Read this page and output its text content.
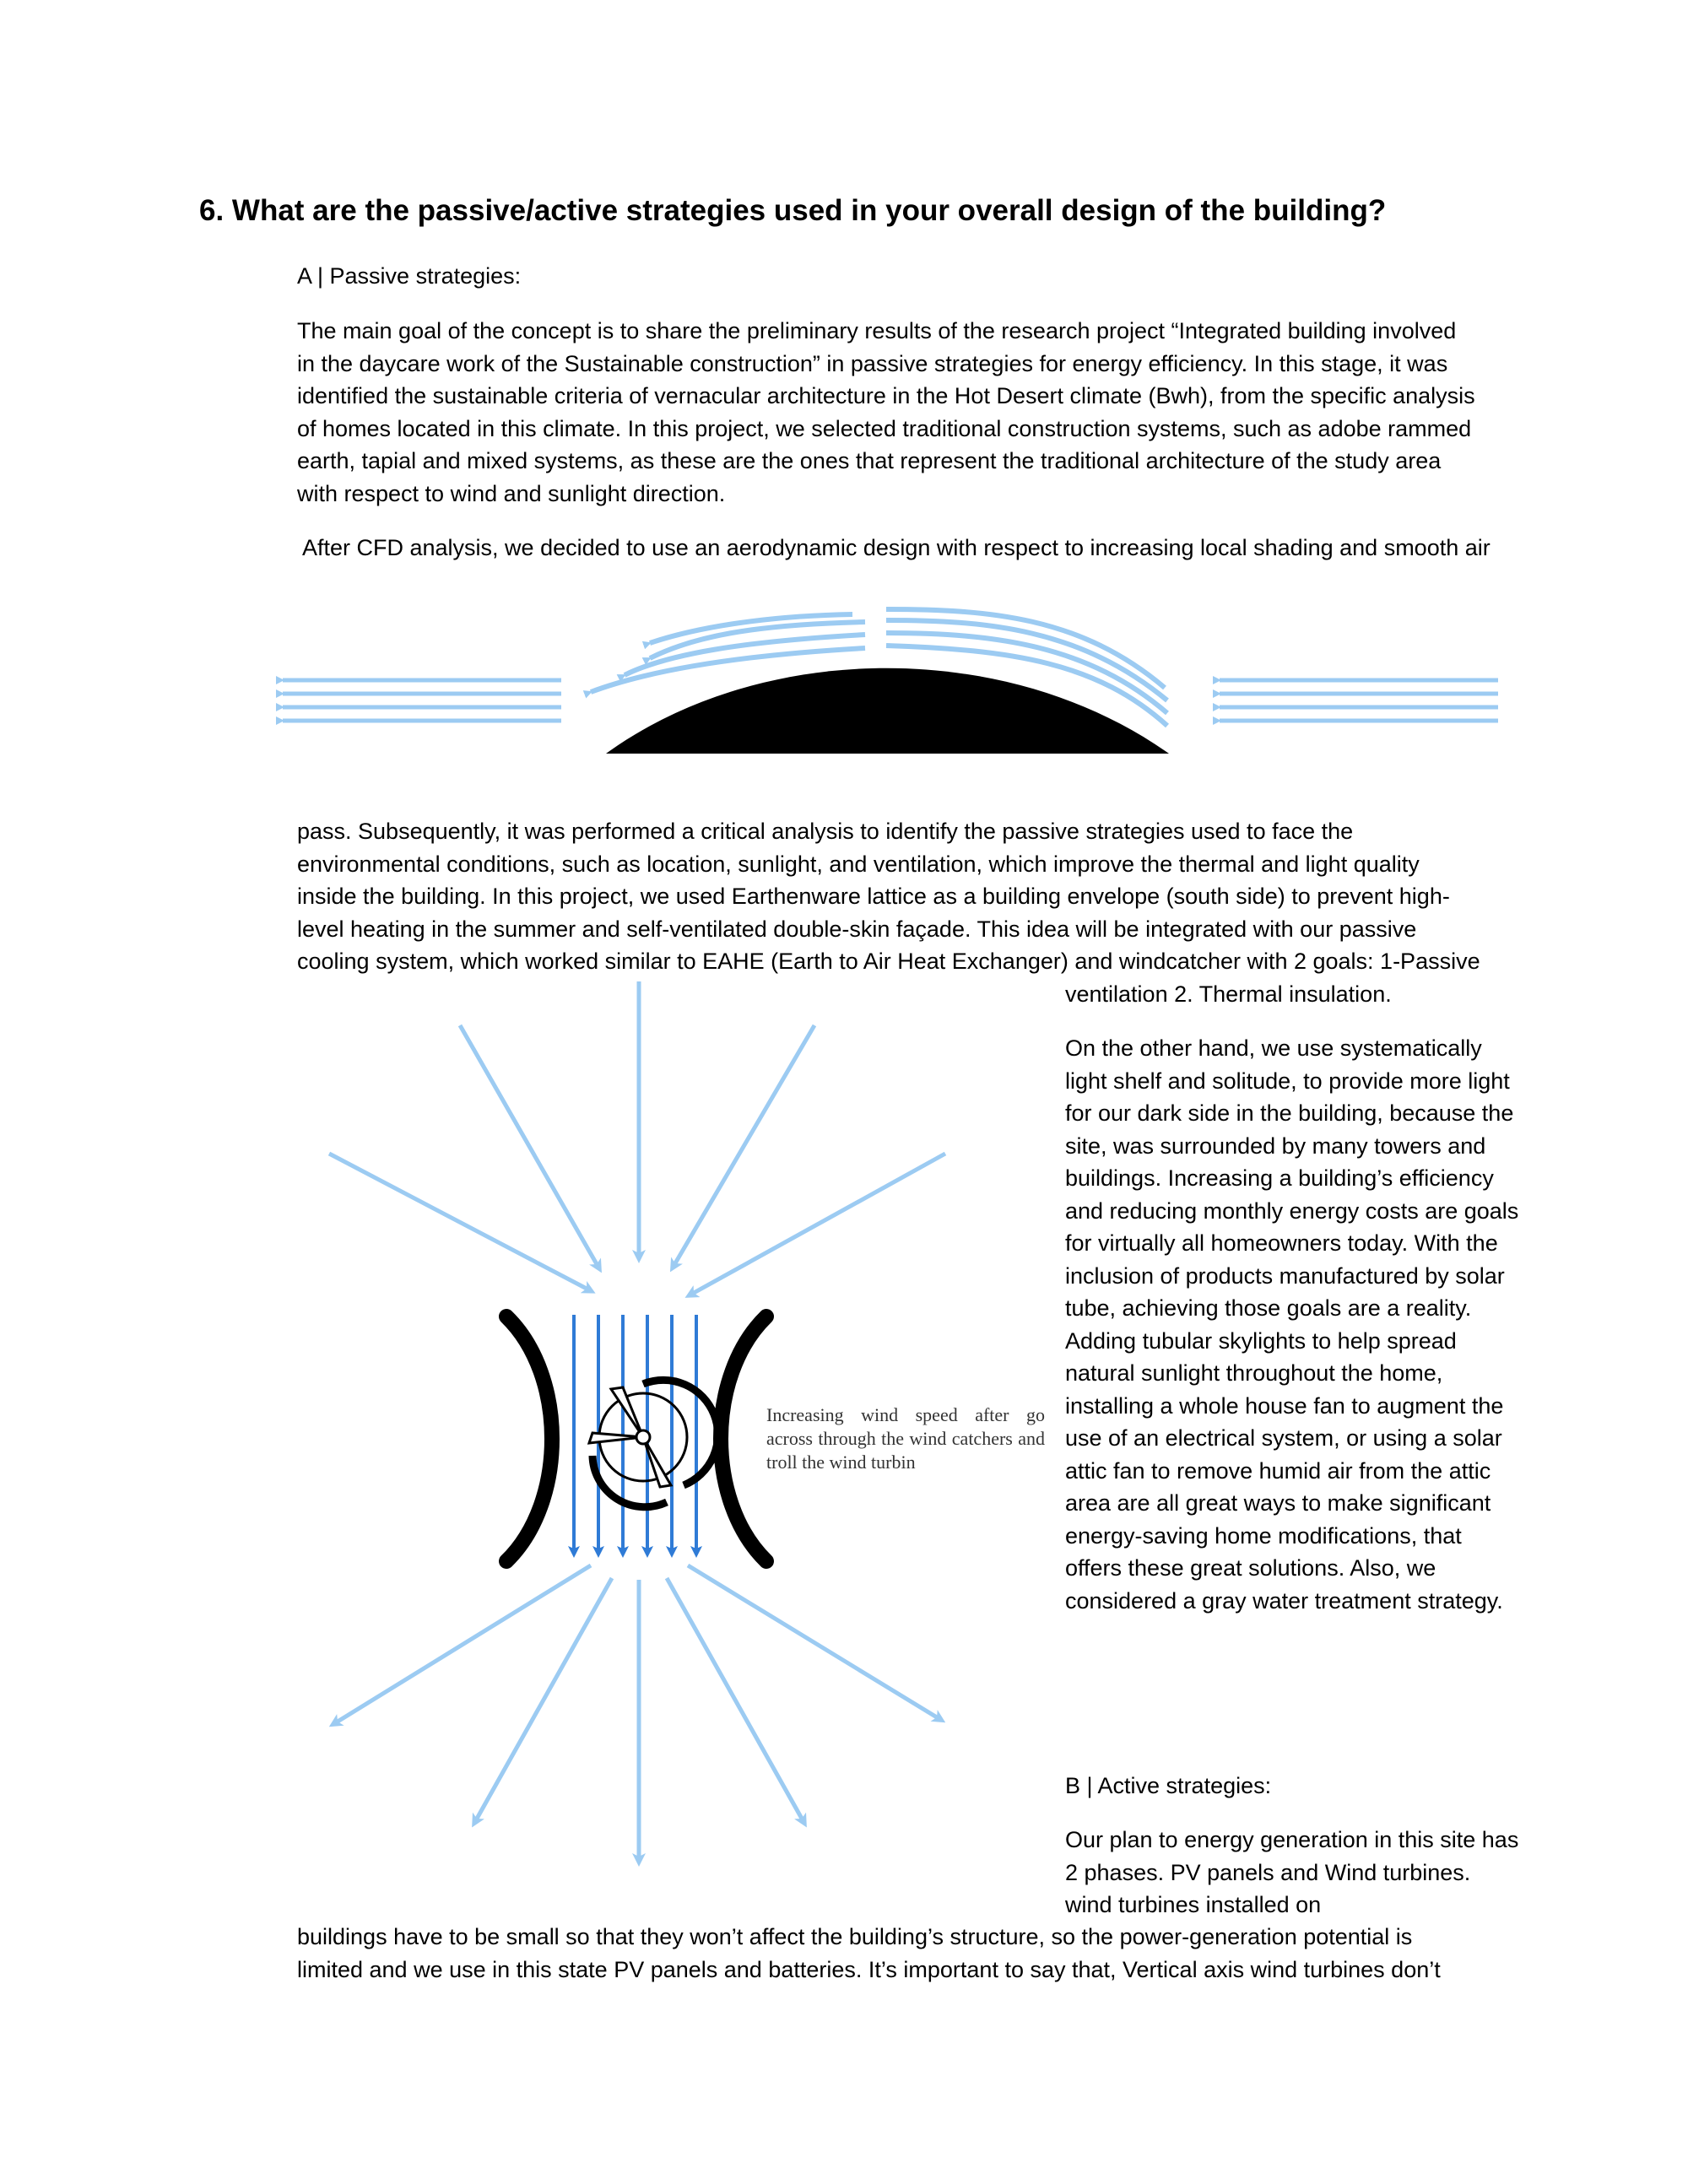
6. What are the passive/active strategies used in your overall design of the building?
A | Passive strategies:
The main goal of the concept is to share the preliminary results of the research project “Integrated building involved in the daycare work of the Sustainable construction” in passive strategies for energy efficiency. In this stage, it was identified the sustainable criteria of vernacular architecture in the Hot Desert climate (Bwh), from the specific analysis of homes located in this climate. In this project, we selected traditional construction systems, such as adobe rammed earth, tapial and mixed systems, as these are the ones that represent the traditional architecture of the study area with respect to wind and sunlight direction.
After CFD analysis, we decided to use an aerodynamic design with respect to increasing local shading and smooth air
pass. Subsequently, it was performed a critical analysis to identify the passive strategies used to face the
environmental conditions, such as location, sunlight, and ventilation, which improve the thermal and light quality
inside the building. In this project, we used Earthenware lattice as a building envelope (south side) to prevent high-
level heating in the summer and self-ventilated double-skin façade. This idea will be integrated with our passive
cooling system, which worked similar to EAHE (Earth to Air Heat Exchanger) and windcatcher with 2 goals: 1-Passive
ventilation 2. Thermal insulation.
On the other hand, we use systematically light shelf and solitude, to provide more light for our dark side in the building, because the site, was surrounded by many towers and buildings. Increasing a building’s efficiency and reducing monthly energy costs are goals for virtually all homeowners today. With the inclusion of products manufactured by solar tube, achieving those goals are a reality. Adding tubular skylights to help spread natural sunlight throughout the home, installing a whole house fan to augment the use of an electrical system, or using a solar attic fan to remove humid air from the attic area are all great ways to make significant energy-saving home modifications, that offers these great solutions. Also, we considered a gray water treatment strategy.
Increasing wind speed after go across through the wind catchers and troll the wind turbin
B | Active strategies:
Our plan to energy generation in this site has 2 phases. PV panels and Wind turbines. wind turbines installed on
buildings have to be small so that they won’t affect the building’s structure, so the power-generation potential is
limited and we use in this state PV panels and batteries. It’s important to say that, Vertical axis wind turbines don’t
